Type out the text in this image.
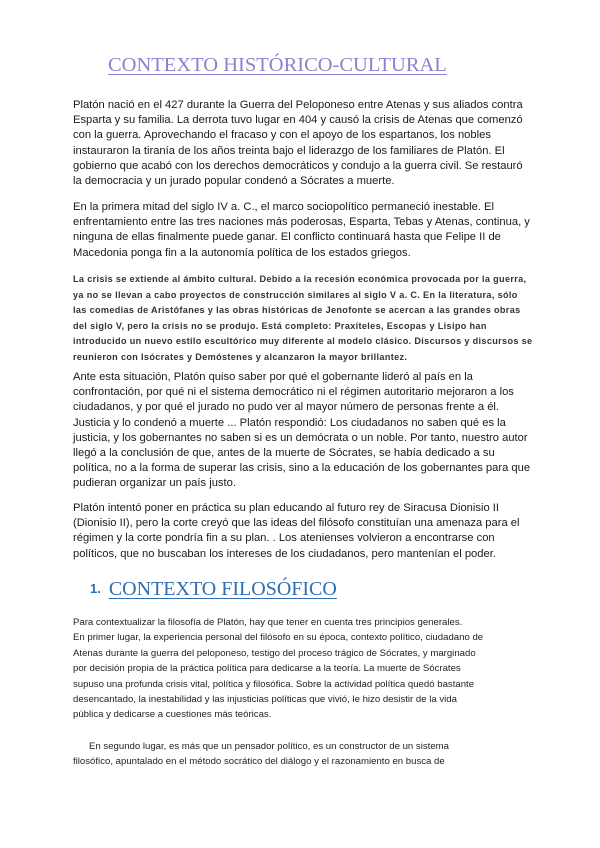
CONTEXTO HISTÓRICO-CULTURAL
Platón nació en el 427 durante la Guerra del Peloponeso entre Atenas y sus aliados contra
Esparta y su familia. La derrota tuvo lugar en 404 y causó la crisis de Atenas que comenzó
con la guerra. Aprovechando el fracaso y con el apoyo de los espartanos, los nobles
instauraron la tiranía de los años treinta bajo el liderazgo de los familiares de Platón. El
gobierno que acabó con los derechos democráticos y condujo a la guerra civil. Se restauró
la democracia y un jurado popular condenó a Sócrates a muerte.
En la primera mitad del siglo IV a. C., el marco sociopolítico permaneció inestable. El
enfrentamiento entre las tres naciones más poderosas, Esparta, Tebas y Atenas, continua, y
ninguna de ellas finalmente puede ganar. El conflicto continuará hasta que Felipe II de
Macedonia ponga fin a la autonomía política de los estados griegos.
La crisis se extiende al ámbito cultural. Debido a la recesión económica provocada por la guerra,
ya no se llevan a cabo proyectos de construcción similares al siglo V a. C. En la literatura, sólo
las comedias de Aristófanes y las obras históricas de Jenofonte se acercan a las grandes obras
del siglo V, pero la crisis no se produjo. Está completo: Praxíteles, Escopas y Lisipo han
introducido un nuevo estilo escultórico muy diferente al modelo clásico. Discursos y discursos se
reunieron con Isócrates y Demóstenes y alcanzaron la mayor brillantez.
Ante esta situación, Platón quiso saber por qué el gobernante lideró al país en la
confrontación, por qué ni el sistema democrático ni el régimen autoritario mejoraron a los
ciudadanos, y por qué el jurado no pudo ver al mayor número de personas frente a él.
Justicia y lo condenó a muerte ... Platón respondió: Los ciudadanos no saben qué es la
justicia, y los gobernantes no saben si es un demócrata o un noble. Por tanto, nuestro autor
llegó a la conclusión de que, antes de la muerte de Sócrates, se había dedicado a su
política, no a la forma de superar las crisis, sino a la educación de los gobernantes para que
pudieran organizar un país justo.
Platón intentó poner en práctica su plan educando al futuro rey de Siracusa Dionisio II
(Dionisio II), pero la corte creyó que las ideas del filósofo constituían una amenaza para el
régimen y la corte pondría fin a su plan. . Los atenienses volvieron a encontrarse con
políticos, que no buscaban los intereses de los ciudadanos, pero mantenían el poder.
1. CONTEXTO FILOSÓFICO
Para contextualizar la filosofía de Platón, hay que tener en cuenta tres principios generales.
En primer lugar, la experiencia personal del filósofo en su época, contexto político, ciudadano de
Atenas durante la guerra del peloponeso, testigo del proceso trágico de Sócrates, y marginado
por decisión propia de la práctica política para dedicarse a la teoría. La muerte de Sócrates
supuso una profunda crisis vital, política y filosófica. Sobre la actividad política quedó bastante
desencantado, la inestabilidad y las injusticias políticas que vivió, le hizo desistir de la vida
pública y dedicarse a cuestiones más teóricas.
En segundo lugar, es más que un pensador político, es un constructor de un sistema
filosófico, apuntalado en el método socrático del diálogo y el razonamiento en busca de
